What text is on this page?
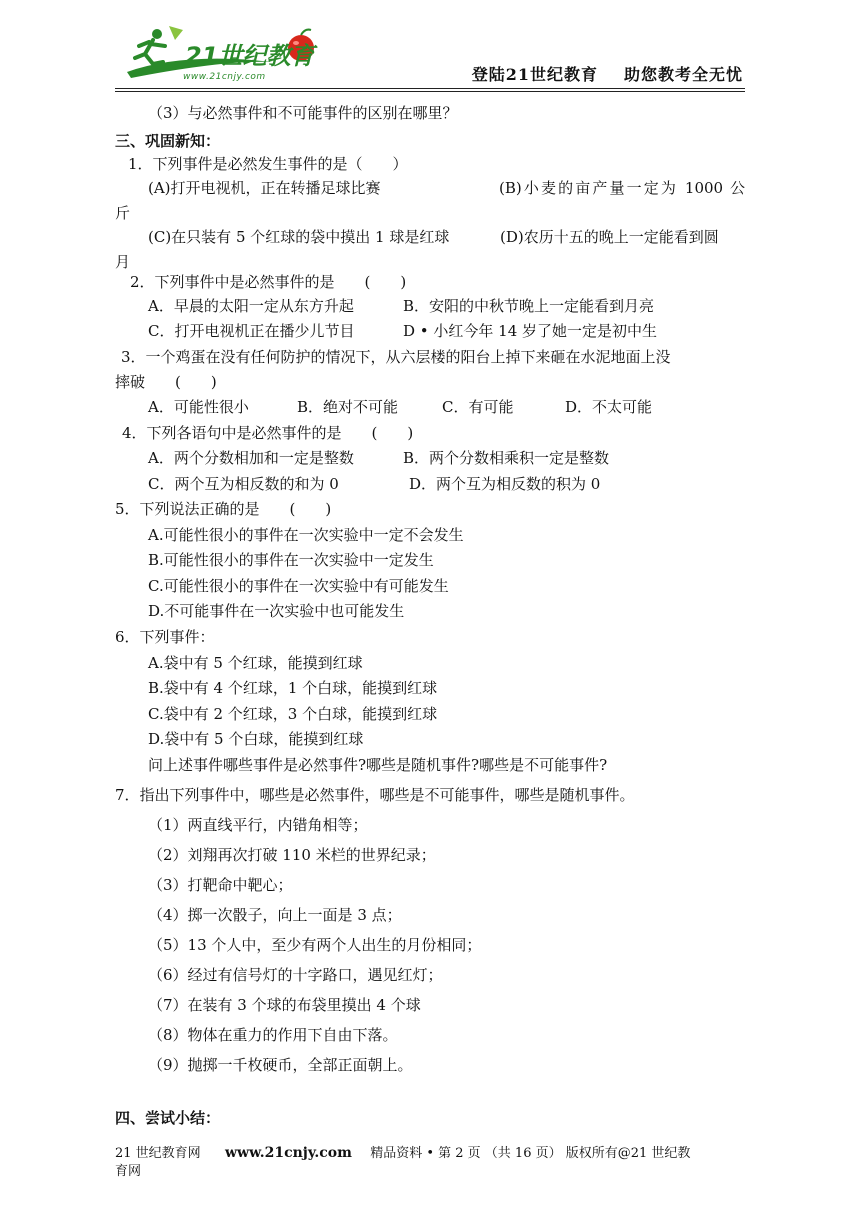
21世纪教育
www.21cnjy.com	登陆21世纪教育 助您教考全无忧
（3）与必然事件和不可能事件的区别在哪里？
三、巩固新知：
1．下列事件是必然发生事件的是（　　）
(A)打开电视机，正在转播足球比赛	(B)小麦的亩产量一定为 1000 公
斤
(C)在只装有 5 个红球的袋中摸出 1 球是红球	(D)农历十五的晚上一定能看到圆
月
2．下列事件中是必然事件的是　　(　　)
A．早晨的太阳一定从东方升起	B．安阳的中秋节晚上一定能看到月亮
C．打开电视机正在播少儿节目	D • 小红今年 14 岁了她一定是初中生
3．一个鸡蛋在没有任何防护的情况下，从六层楼的阳台上掉下来砸在水泥地面上没
摔破　　(　　)
A．可能性很小	B．绝对不可能	C．有可能	D．不太可能
4．下列各语句中是必然事件的是　　(　　)
A．两个分数相加和一定是整数	B．两个分数相乘积一定是整数
C．两个互为相反数的和为 0	D．两个互为相反数的积为 0
5．下列说法正确的是　　(　　)
A.可能性很小的事件在一次实验中一定不会发生
B.可能性很小的事件在一次实验中一定发生
C.可能性很小的事件在一次实验中有可能发生
D.不可能事件在一次实验中也可能发生
6．下列事件：
A.袋中有 5 个红球，能摸到红球
B.袋中有 4 个红球，1 个白球，能摸到红球
C.袋中有 2 个红球，3 个白球，能摸到红球
D.袋中有 5 个白球，能摸到红球
问上述事件哪些事件是必然事件?哪些是随机事件?哪些是不可能事件?
7．指出下列事件中，哪些是必然事件，哪些是不可能事件，哪些是随机事件。
（1）两直线平行，内错角相等；
（2）刘翔再次打破 110 米栏的世界纪录；
（3）打靶命中靶心；
（4）掷一次骰子，向上一面是 3 点；
（5）13 个人中，至少有两个人出生的月份相同；
（6）经过有信号灯的十字路口，遇见红灯；
（7）在装有 3 个球的布袋里摸出 4 个球
（8）物体在重力的作用下自由下落。
（9）抛掷一千枚硬币，全部正面朝上。
四、尝试小结：
21 世纪教育网 www.21cnjy.com 精品资料 • 第 2 页 （共 16 页） 版权所有@21 世纪教
育网
